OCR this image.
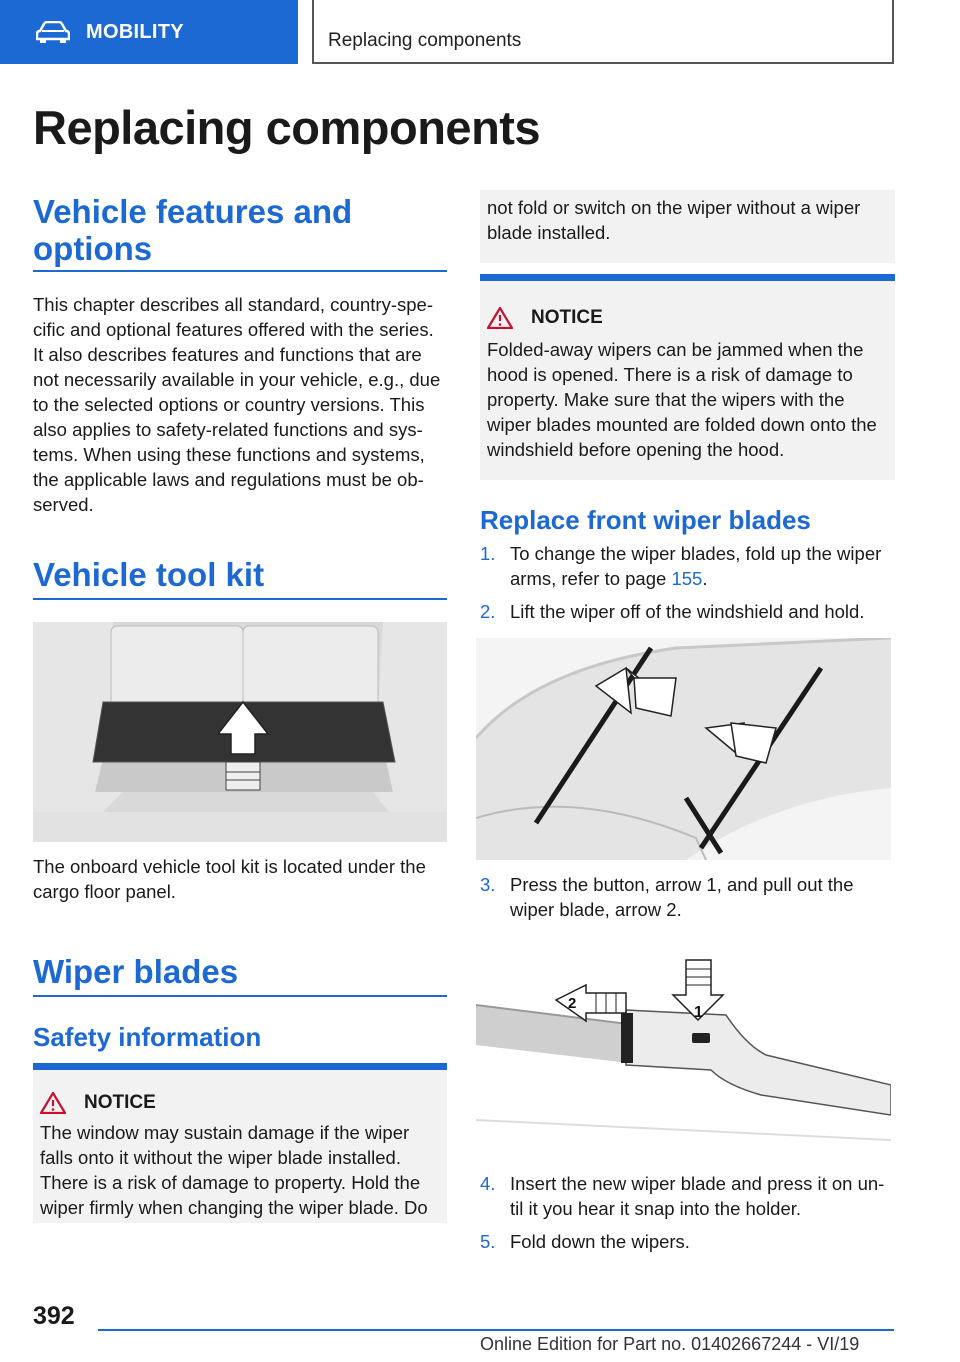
MOBILITY	Replacing components
Replacing components
Vehicle features and options
This chapter describes all standard, country-spe-cific and optional features offered with the series. It also describes features and functions that are not necessarily available in your vehicle, e.g., due to the selected options or country versions. This also applies to safety-related functions and sys-tems. When using these functions and systems, the applicable laws and regulations must be ob-served.
Vehicle tool kit
The onboard vehicle tool kit is located under the cargo floor panel.
Wiper blades
Safety information
NOTICE
The window may sustain damage if the wiper falls onto it without the wiper blade installed. There is a risk of damage to property. Hold the wiper firmly when changing the wiper blade. Do
not fold or switch on the wiper without a wiper blade installed.
NOTICE
Folded-away wipers can be jammed when the hood is opened. There is a risk of damage to property. Make sure that the wipers with the wiper blades mounted are folded down onto the windshield before opening the hood.
Replace front wiper blades
1. To change the wiper blades, fold up the wiper arms, refer to page 155.
2. Lift the wiper off of the windshield and hold.
3. Press the button, arrow 1, and pull out the wiper blade, arrow 2.
1
2
4. Insert the new wiper blade and press it on un-til it you hear it snap into the holder.
5. Fold down the wipers.
392
Online Edition for Part no. 01402667244 - VI/19
